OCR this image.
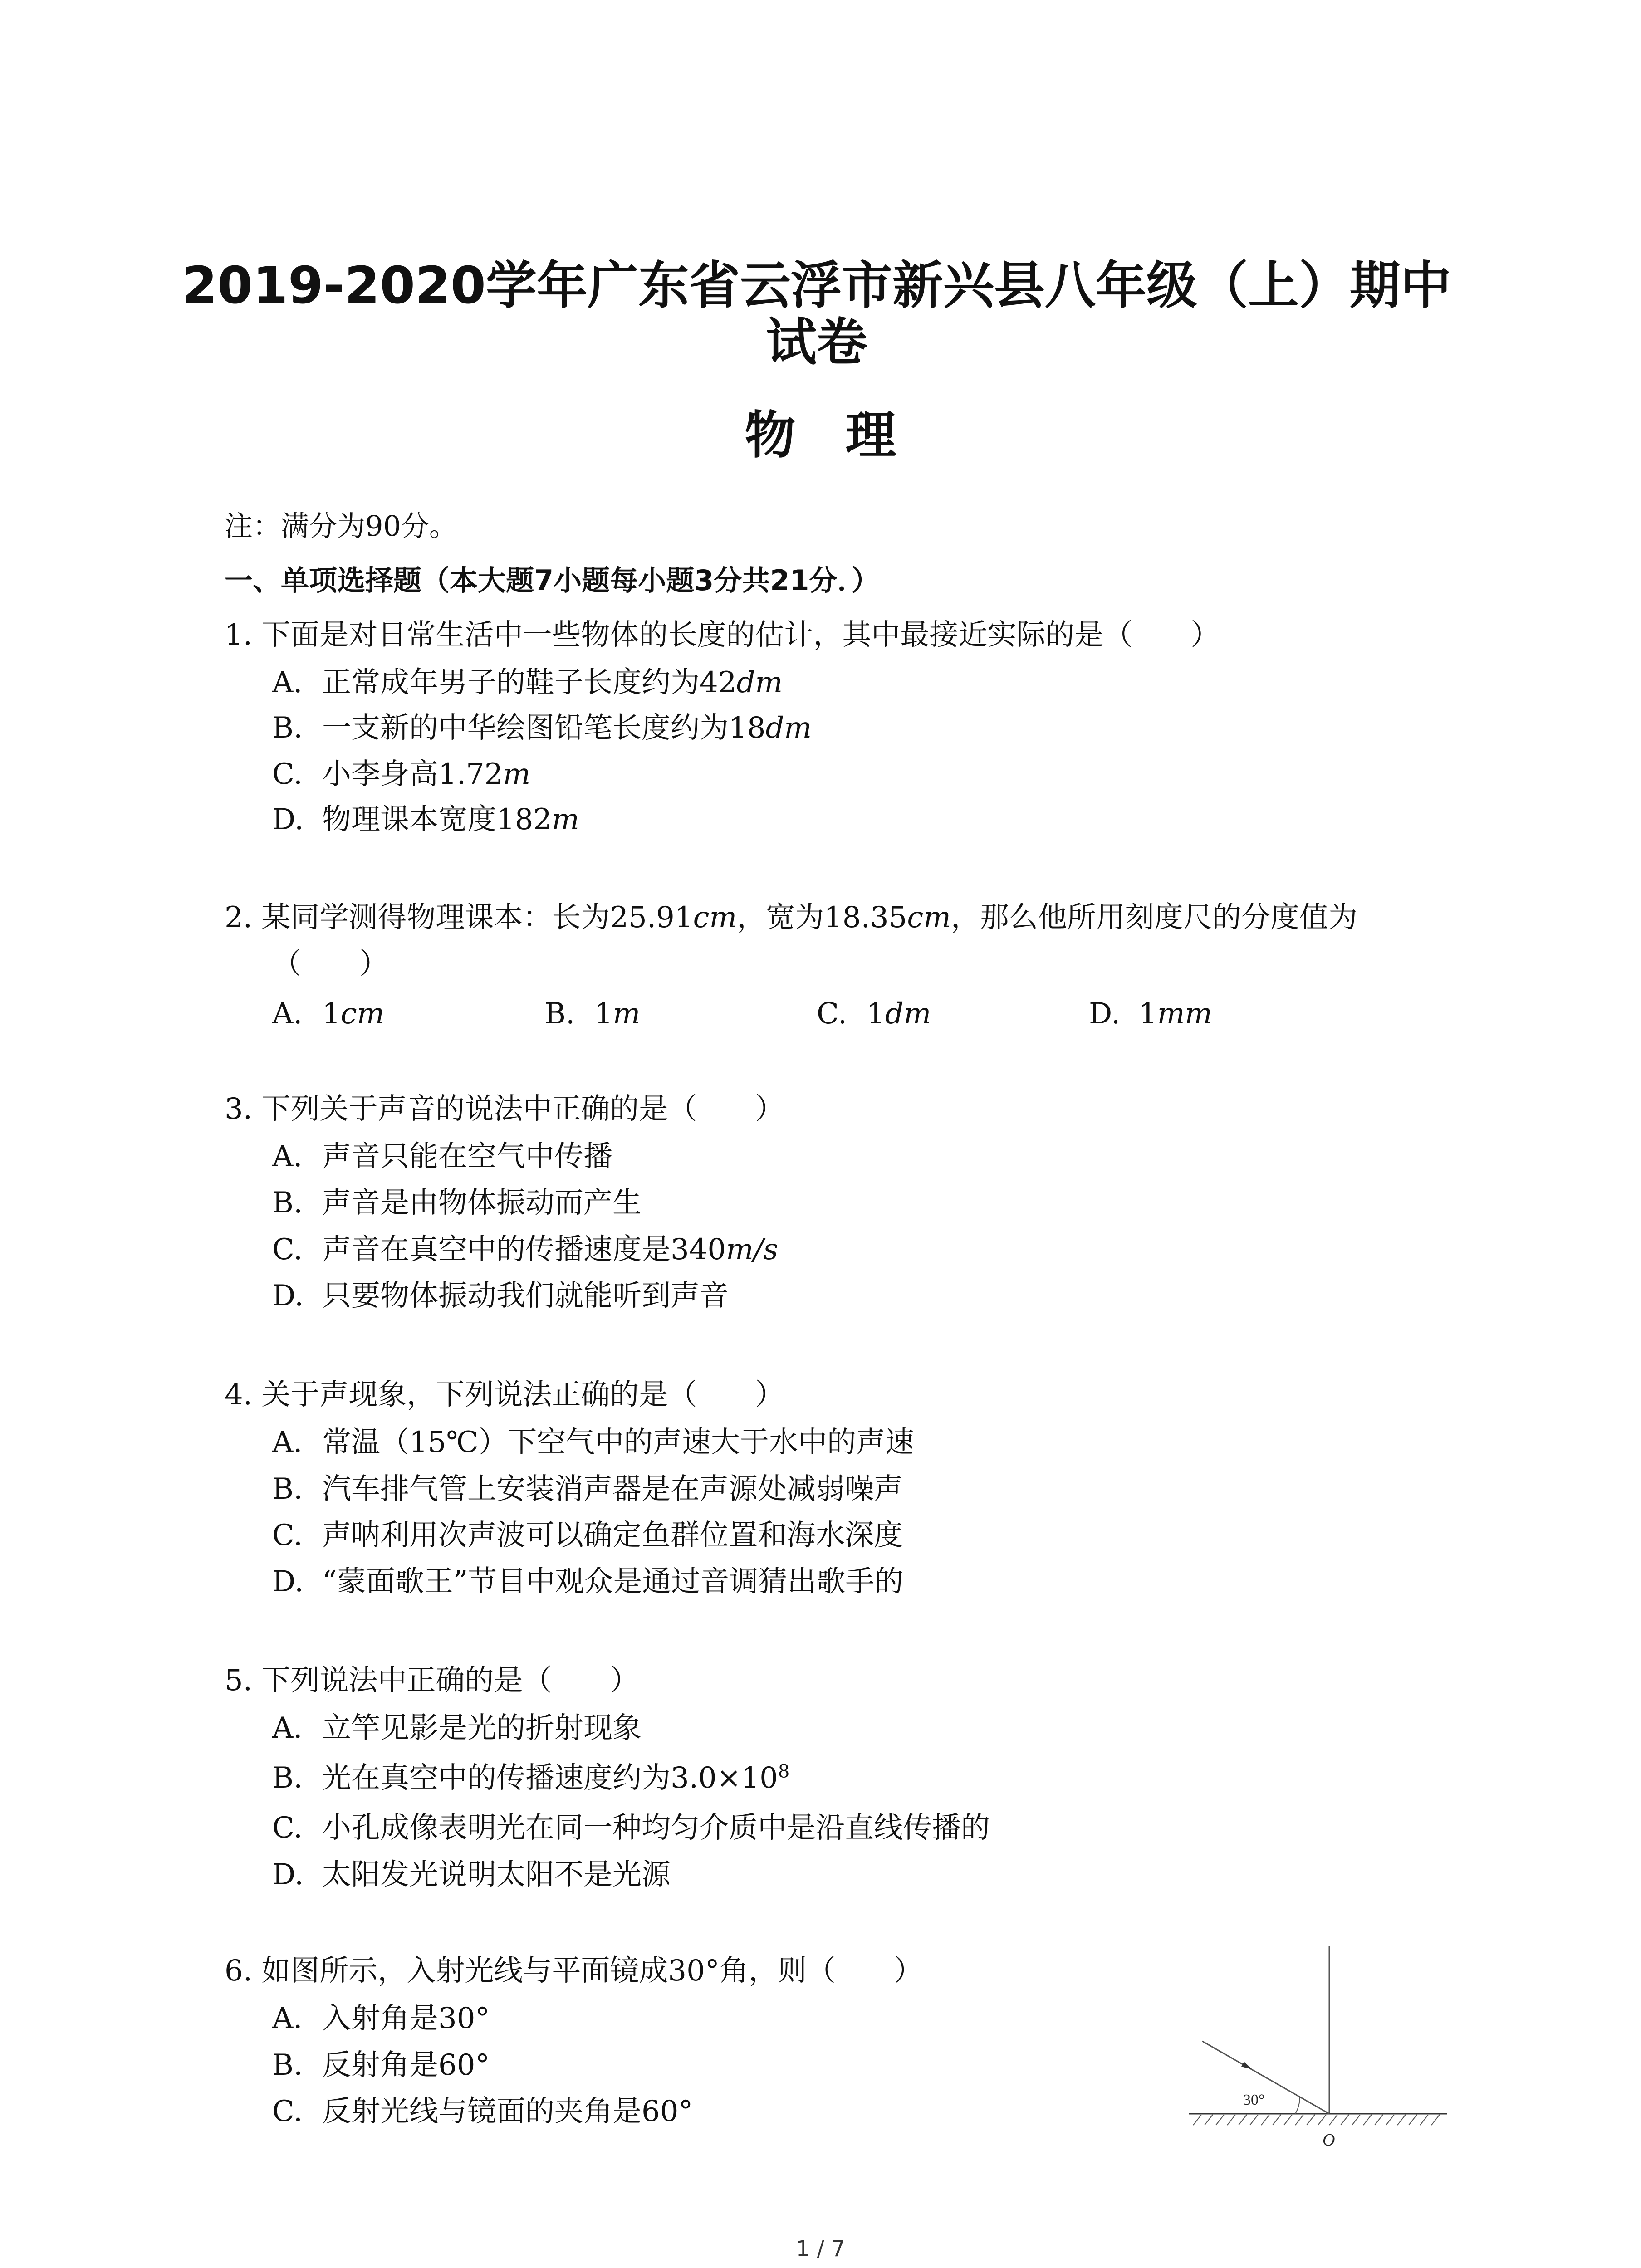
2019-2020学年广东省云浮市新兴县八年级（上）期中
试卷
物理
注：满分为90分。
一、单项选择题（本大题7小题每小题3分共21分．）
1. 下面是对日常生活中一些物体的长度的估计，其中最接近实际的是（　　）
A. 正常成年男子的鞋子长度约为42dm
B. 一支新的中华绘图铅笔长度约为18dm
C. 小李身高1.72m
D. 物理课本宽度182m
2. 某同学测得物理课本：长为25.91cm，宽为18.35cm，那么他所用刻度尺的分度值为
（　　）
A. 1cm	B. 1m	C. 1dm	D. 1mm
3. 下列关于声音的说法中正确的是（　　）
A. 声音只能在空气中传播
B. 声音是由物体振动而产生
C. 声音在真空中的传播速度是340m/s
D. 只要物体振动我们就能听到声音
4. 关于声现象，下列说法正确的是（　　）
A. 常温（15℃）下空气中的声速大于水中的声速
B. 汽车排气管上安装消声器是在声源处减弱噪声
C. 声呐利用次声波可以确定鱼群位置和海水深度
D. “蒙面歌王”节目中观众是通过音调猜出歌手的
5. 下列说法中正确的是（　　）
A. 立竿见影是光的折射现象
B. 光在真空中的传播速度约为$3.0\times 10^8$
C. 小孔成像表明光在同一种均匀介质中是沿直线传播的
D. 太阳发光说明太阳不是光源
6. 如图所示，入射光线与平面镜成30°角，则（　　）
A. 入射角是30°
B. 反射角是60°
C. 反射光线与镜面的夹角是60°	30°
O
1 / 7
